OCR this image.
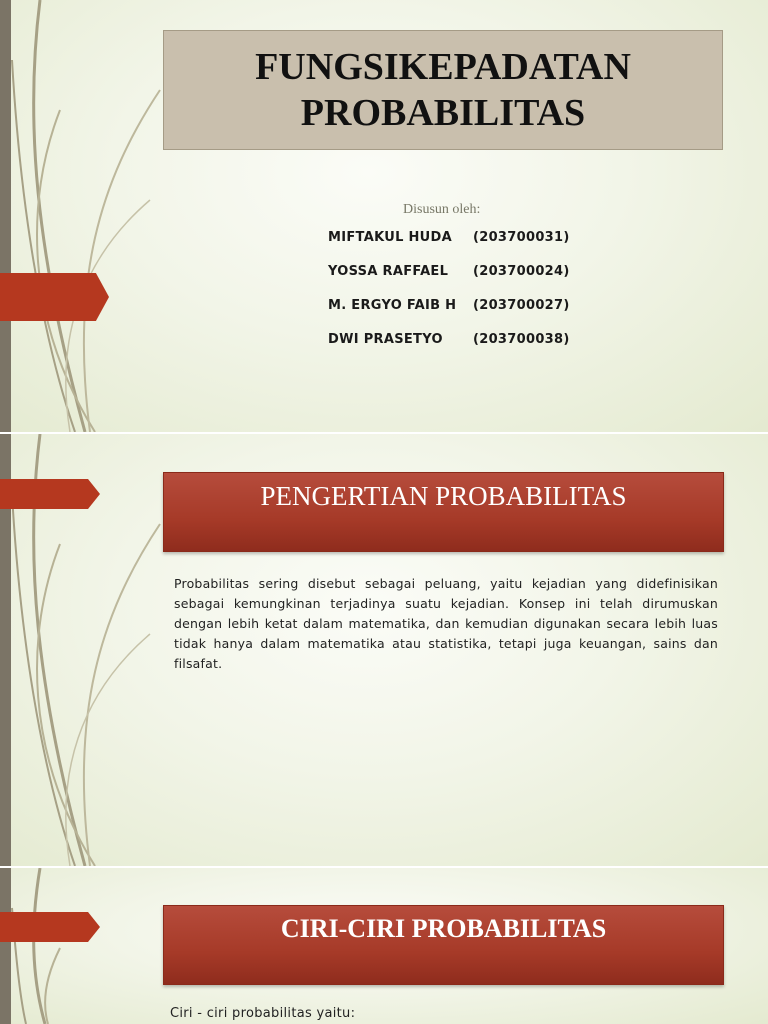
FUNGSIKEPADATAN
PROBABILITAS
Disusun oleh:
MIFTAKUL HUDA	(203700031)
YOSSA RAFFAEL	(203700024)
M. ERGYO FAIB H	(203700027)
DWI PRASETYO	(203700038)
PENGERTIAN PROBABILITAS
Probabilitas sering disebut sebagai peluang, yaitu kejadian yang didefinisikan sebagai kemungkinan terjadinya suatu kejadian. Konsep ini telah dirumuskan dengan lebih ketat dalam matematika, dan kemudian digunakan secara lebih luas tidak hanya dalam matematika atau statistika, tetapi juga keuangan, sains dan filsafat.
CIRI-CIRI PROBABILITAS
Ciri - ciri probabilitas yaitu:
